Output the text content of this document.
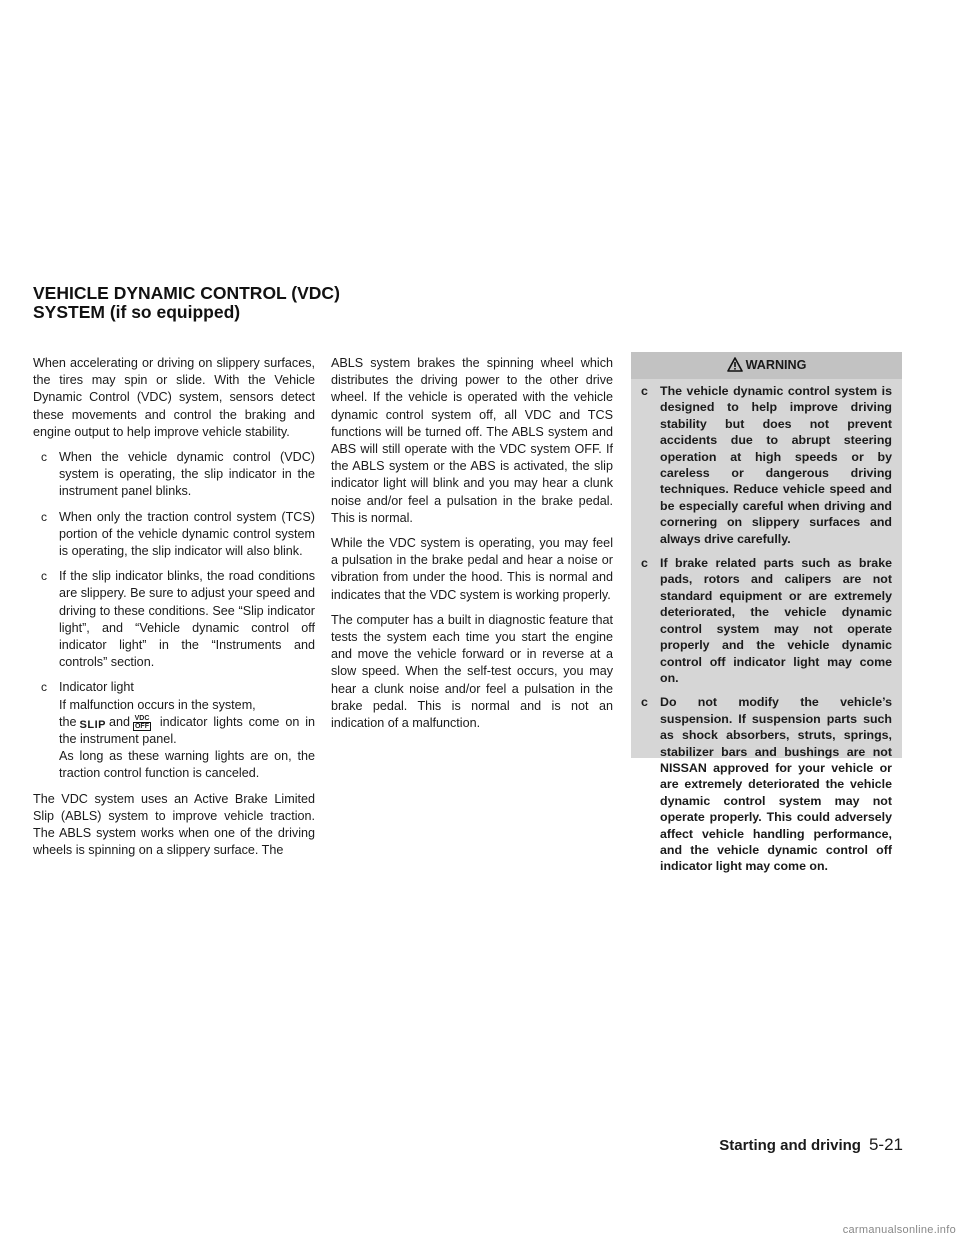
VEHICLE DYNAMIC CONTROL (VDC)
SYSTEM (if so equipped)

When accelerating or driving on slippery surfaces, the tires may spin or slide. With the Vehicle Dynamic Control (VDC) system, sensors detect these movements and control the braking and engine output to help improve vehicle stability.

c When the vehicle dynamic control (VDC) system is operating, the slip indicator in the instrument panel blinks.
c When only the traction control system (TCS) portion of the vehicle dynamic control system is operating, the slip indicator will also blink.
c If the slip indicator blinks, the road conditions are slippery. Be sure to adjust your speed and driving to these conditions. See “Slip indicator light”, and “Vehicle dynamic control off indicator light” in the “Instruments and controls” section.
c Indicator light
If malfunction occurs in the system,
the SLIP and VDC
OFF indicator lights come on in the instrument panel.
As long as these warning lights are on, the traction control function is canceled.

The VDC system uses an Active Brake Limited Slip (ABLS) system to improve vehicle traction. The ABLS system works when one of the driving wheels is spinning on a slippery surface. The

ABLS system brakes the spinning wheel which distributes the driving power to the other drive wheel. If the vehicle is operated with the vehicle dynamic control system off, all VDC and TCS functions will be turned off. The ABLS system and ABS will still operate with the VDC system OFF. If the ABLS system or the ABS is activated, the slip indicator light will blink and you may hear a clunk noise and/or feel a pulsation in the brake pedal. This is normal.

While the VDC system is operating, you may feel a pulsation in the brake pedal and hear a noise or vibration from under the hood. This is normal and indicates that the VDC system is working properly.

The computer has a built in diagnostic feature that tests the system each time you start the engine and move the vehicle forward or in reverse at a slow speed. When the self-test occurs, you may hear a clunk noise and/or feel a pulsation in the brake pedal. This is normal and is not an indication of a malfunction.

WARNING
c The vehicle dynamic control system is designed to help improve driving stability but does not prevent accidents due to abrupt steering operation at high speeds or by careless or dangerous driving techniques. Reduce vehicle speed and be especially careful when driving and cornering on slippery surfaces and always drive carefully.
c If brake related parts such as brake pads, rotors and calipers are not standard equipment or are extremely deteriorated, the vehicle dynamic control system may not operate properly and the vehicle dynamic control off indicator light may come on.
c Do not modify the vehicle’s suspension. If suspension parts such as shock absorbers, struts, springs, stabilizer bars and bushings are not NISSAN approved for your vehicle or are extremely deteriorated the vehicle dynamic control system may not operate properly. This could adversely affect vehicle handling performance, and the vehicle dynamic control off indicator light may come on.
Starting and driving 5-21
carmanualsonline.info
